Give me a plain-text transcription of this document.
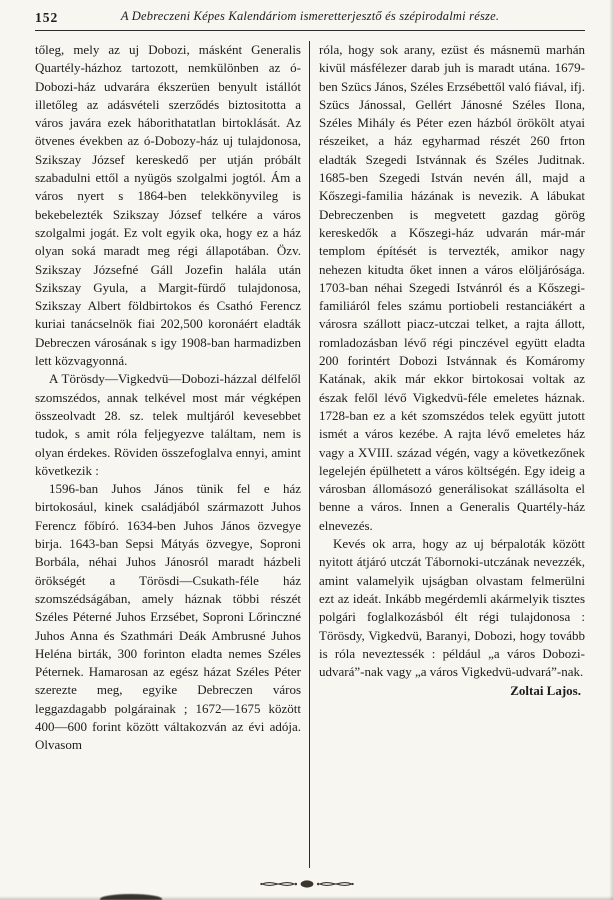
152	A Debreczeni Képes Kalendáriom ismeretterjesztő és szépirodalmi része.

tőleg, mely az uj Dobozi, másként Generalis Quartély-házhoz tartozott, nemkülönben az ó-Dobozi-ház udvarára ékszerüen benyult istállót illetőleg az adásvételi szerződés biztositotta a város javára ezek háborithatatlan birtoklását. Az ötvenes években az ó-Dobozy-ház uj tulajdonosa, Szikszay József kereskedő per utján próbált szabadulni ettől a nyügös szolgalmi jogtól. Ám a város nyert s 1864-ben telekkönyvileg is bekebelezték Szikszay József telkére a város szolgalmi jogát. Ez volt egyik oka, hogy ez a ház olyan soká maradt meg régi állapotában. Özv. Szikszay Józsefné Gáll Jozefin halála után Szikszay Gyula, a Margit-fürdő tulajdonosa, Szikszay Albert földbirtokos és Csathó Ferencz kuriai tanácselnök fiai 202,500 koronáért eladták Debreczen városának s igy 1908-ban harmadizben lett közvagyonná.

A Törösdy—Vigkedvü—Dobozi-házzal délfelől szomszédos, annak telkével most már végképen összeolvadt 28. sz. telek multjáról kevesebbet tudok, s amit róla feljegyezve találtam, nem is olyan érdekes. Röviden összefoglalva ennyi, amint következik :

1596-ban Juhos János tünik fel e ház birtokosául, kinek családjából származott Juhos Ferencz főbíró. 1634-ben Juhos János özvegye birja. 1643-ban Sepsi Mátyás özvegye, Soproni Borbála, néhai Juhos Jánosról maradt házbeli örökségét a Törösdi—Csukath-féle ház szomszédságában, amely háznak többi részét Széles Péterné Juhos Erzsébet, Soproni Lőrinczné Juhos Anna és Szathmári Deák Ambrusné Juhos Heléna birták, 300 forinton eladta nemes Széles Péternek. Hamarosan az egész házat Széles Péter szerezte meg, egyike Debreczen város leggazdagabb polgárainak ; 1672—1675 között 400—600 forint között váltakozván az évi adója. Olvasom

róla, hogy sok arany, ezüst és másnemü marhán kivül másfélezer darab juh is maradt utána. 1679-ben Szücs János, Széles Erzsébettől való fiával, ifj. Szücs Jánossal, Gellért Jánosné Széles Ilona, Széles Mihály és Péter ezen házból örökölt atyai részeiket, a ház egyharmad részét 260 frton eladták Szegedi Istvánnak és Széles Juditnak. 1685-ben Szegedi István nevén áll, majd a Kőszegi-familia házának is nevezik. A lábukat Debreczenben is megvetett gazdag görög kereskedők a Kőszegi-ház udvarán már-már templom építését is tervezték, amikor nagy nehezen kitudta őket innen a város elöljárósága. 1703-ban néhai Szegedi Istvánról és a Kőszegi-familiáról feles számu portiobeli restanciákért a városra szállott piacz-utczai telket, a rajta állott, romladozásban lévő régi pinczével együtt eladta 200 forintért Dobozi Istvánnak és Komáromy Katának, akik már ekkor birtokosai voltak az észak felől lévő Vigkedvü-féle emeletes háznak. 1728-ban ez a két szomszédos telek együtt jutott ismét a város kezébe. A rajta lévő emeletes ház vagy a XVIII. század végén, vagy a következőnek legelején épülhetett a város költségén. Egy ideig a városban állomásozó generálisokat szállásolta el benne a város. Innen a Generalis Quartély-ház elnevezés.

Kevés ok arra, hogy az uj bérpaloták között nyitott átjáró utczát Tábornoki-utczának nevezzék, amint valamelyik ujságban olvastam felmerülni ezt az ideát. Inkább megérdemli akármelyik tisztes polgári foglalkozásból élt régi tulajdonosa : Törösdy, Vigkedvü, Baranyi, Dobozi, hogy tovább is róla neveztessék : például „a város Dobozi-udvará”-nak vagy „a város Vigkedvü-udvará”-nak.

Zoltai Lajos.
